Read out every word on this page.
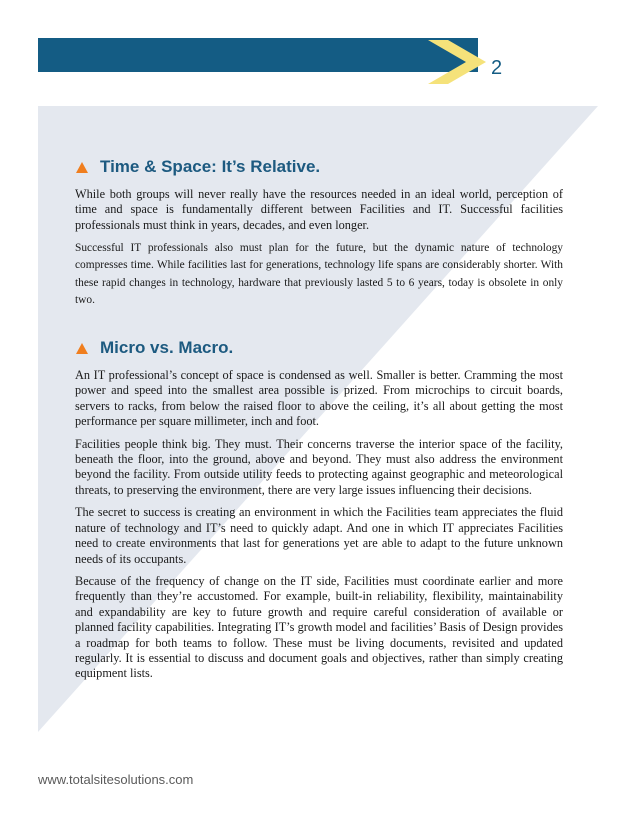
2
Time & Space: It’s Relative.

While both groups will never really have the resources needed in an ideal world, perception of time and space is fundamentally different between Facilities and IT. Successful facilities professionals must think in years, decades, and even longer.

Successful IT professionals also must plan for the future, but the dynamic nature of technology compresses time. While facilities last for generations, technology life spans are considerably shorter. With these rapid changes in technology, hardware that previously lasted 5 to 6 years, today is obsolete in only two.

Micro vs. Macro.

An IT professional’s concept of space is condensed as well. Smaller is better. Cramming the most power and speed into the smallest area possible is prized. From microchips to circuit boards, servers to racks, from below the raised floor to above the ceiling, it’s all about getting the most performance per square millimeter, inch and foot.

Facilities people think big. They must. Their concerns traverse the interior space of the facility, beneath the floor, into the ground, above and beyond. They must also address the environment beyond the facility. From outside utility feeds to protecting against geographic and meteorological threats, to preserving the environment, there are very large issues influencing their decisions.

The secret to success is creating an environment in which the Facilities team appreciates the fluid nature of technology and IT’s need to quickly adapt. And one in which IT appreciates Facilities need to create environments that last for generations yet are able to adapt to the future unknown needs of its occupants.

Because of the frequency of change on the IT side, Facilities must coordinate earlier and more frequently than they’re accustomed. For example, built-in reliability, flexibility, maintainability and expandability are key to future growth and require careful consideration of available or planned facility capabilities. Integrating IT’s growth model and facilities’ Basis of Design provides a roadmap for both teams to follow. These must be living documents, revisited and updated regularly. It is essential to discuss and document goals and objectives, rather than simply creating equipment lists.

www.totalsitesolutions.com
